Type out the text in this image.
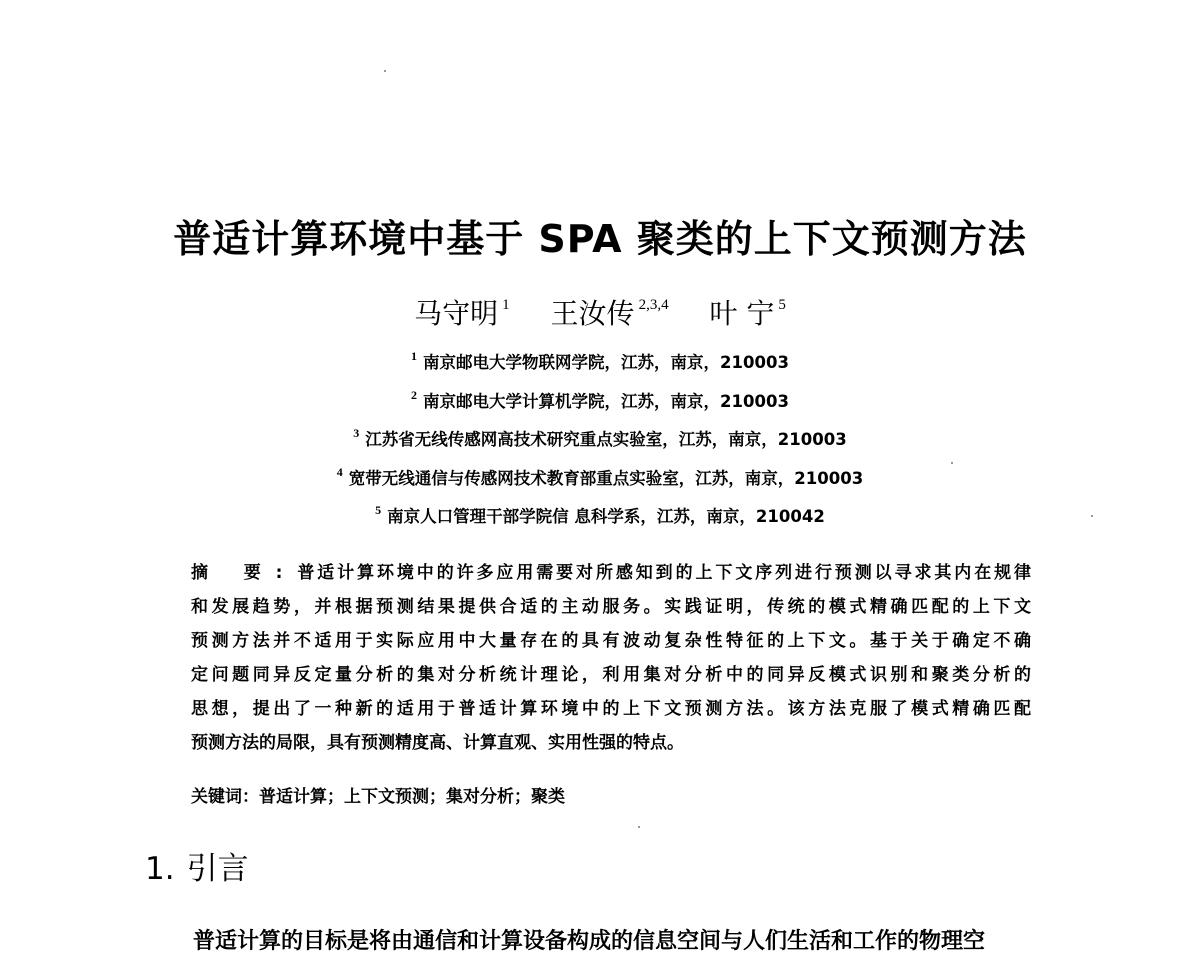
普适计算环境中基于 SPA 聚类的上下文预测方法
马守明 $^1$ 王汝传 $^{2,3,4}$ 叶 宁 $^5$
$^1$ 南京邮电大学物联网学院，江苏，南京，210003
$^2$ 南京邮电大学计算机学院，江苏，南京，210003
$^3$ 江苏省无线传感网高技术研究重点实验室，江苏，南京，210003
$^4$ 宽带无线通信与传感网技术教育部重点实验室，江苏，南京，210003
$^5$ 南京人口管理干部学院信 息科学系，江苏，南京，210042
摘 要:普适计算环境中的许多应用需要对所感知到的上下文序列进行预测以寻求其内在规律
和发展趋势，并根据预测结果提供合适的主动服务。实践证明，传统的模式精确匹配的上下文
预测方法并不适用于实际应用中大量存在的具有波动复杂性特征的上下文。基于关于确定不确
定问题同异反定量分析的集对分析统计理论，利用集对分析中的同异反模式识别和聚类分析的
思想，提出了一种新的适用于普适计算环境中的上下文预测方法。该方法克服了模式精确匹配
预测方法的局限，具有预测精度高、计算直观、实用性强的特点。
关键词：普适计算；上下文预测；集对分析；聚类
1. 引言
普适计算的目标是将由通信和计算设备构成的信息空间与人们生活和工作的物理空
